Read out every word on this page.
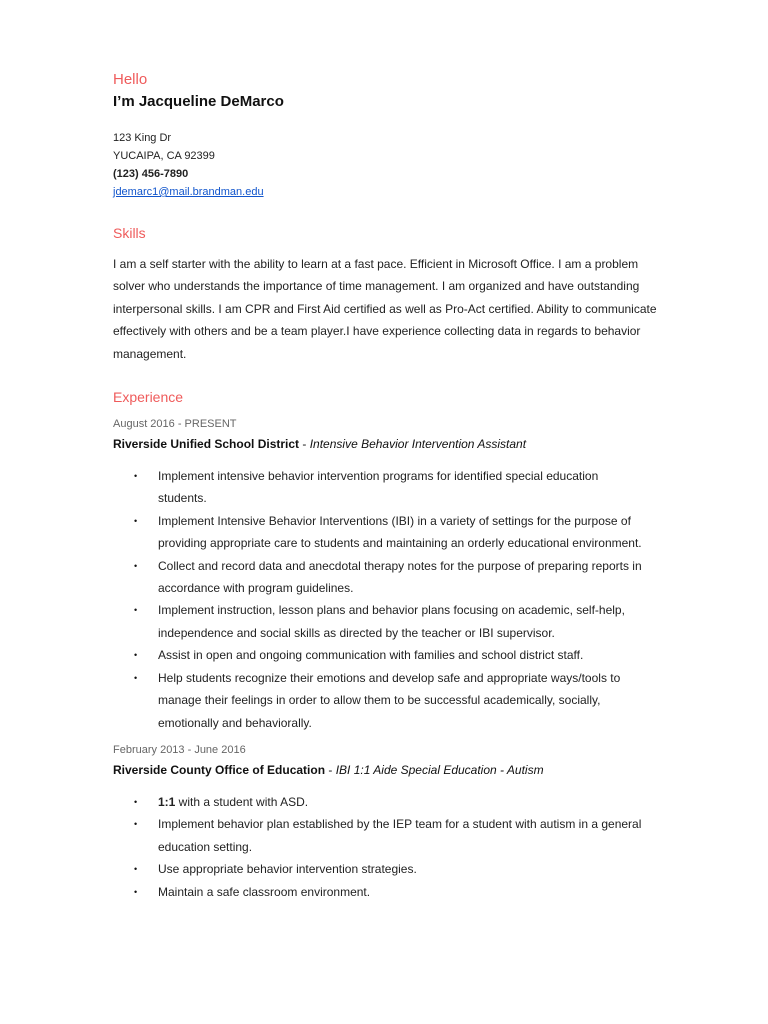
Hello

I’m Jacqueline DeMarco

123 King Dr
YUCAIPA, CA 92399
(123) 456-7890
jdemarc1@mail.brandman.edu

Skills

I am a self starter with the ability to learn at a fast pace. Efficient in Microsoft Office. I am a problem solver who understands the importance of time management. I am organized and have outstanding interpersonal skills. I am CPR and First Aid certified as well as Pro-Act certified. Ability to communicate effectively with others and be a team player.I have experience collecting data in regards to behavior management.

Experience

August 2016 - PRESENT
Riverside Unified School District - Intensive Behavior Intervention Assistant
• Implement intensive behavior intervention programs for identified special education students.
• Implement Intensive Behavior Interventions (IBI) in a variety of settings for the purpose of providing appropriate care to students and maintaining an orderly educational environment.
• Collect and record data and anecdotal therapy notes for the purpose of preparing reports in accordance with program guidelines.
• Implement instruction, lesson plans and behavior plans focusing on academic, self-help, independence and social skills as directed by the teacher or IBI supervisor.
• Assist in open and ongoing communication with families and school district staff.
• Help students recognize their emotions and develop safe and appropriate ways/tools to manage their feelings in order to allow them to be successful academically, socially, emotionally and behaviorally.
February 2013 - June 2016
Riverside County Office of Education - IBI 1:1 Aide Special Education - Autism
• 1:1 with a student with ASD.
• Implement behavior plan established by the IEP team for a student with autism in a general education setting.
• Use appropriate behavior intervention strategies.
• Maintain a safe classroom environment.
